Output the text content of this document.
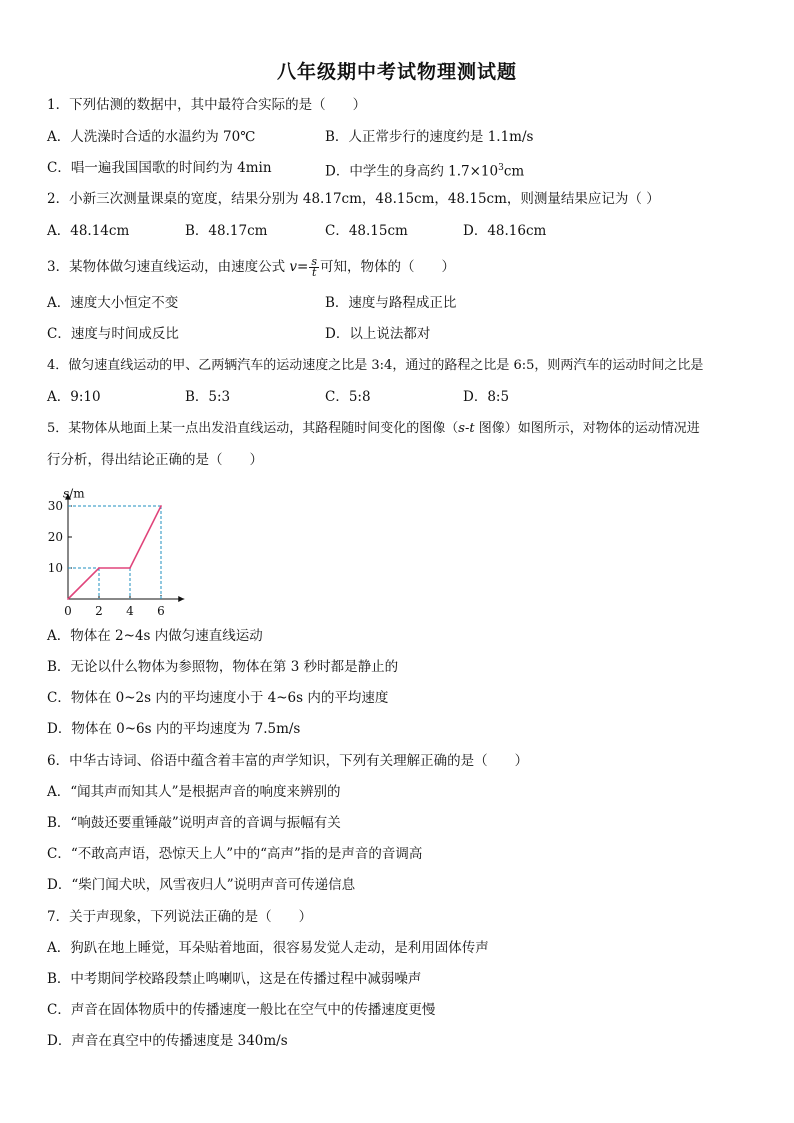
八年级期中考试物理测试题
1．下列估测的数据中，其中最符合实际的是（　　）
A．人洗澡时合适的水温约为 70℃	B．人正常步行的速度约是 1.1m/s
C．唱一遍我国国歌的时间约为 4min	D．中学生的身高约 $1.7\times 10^3cm$
2．小新三次测量课桌的宽度，结果分别为 48.17cm，48.15cm，48.15cm，则测量结果应记为（ ）
A．48.14cm	B．48.17cm	C．48.15cm	D．48.16cm
3．某物体做匀速直线运动，由速度公式 $v= \frac{s}{t}$ 可知，物体的（　　）
A．速度大小恒定不变	B．速度与路程成正比
C．速度与时间成反比	D．以上说法都对
4．做匀速直线运动的甲、乙两辆汽车的运动速度之比是 3:4，通过的路程之比是 6:5，则两汽车的运动时间之比是
A．9:10	B．5:3	C．5:8	D．8:5
5．某物体从地面上某一点出发沿直线运动，其路程随时间变化的图像（s-t 图像）如图所示，对物体的运动情况进
行分析，得出结论正确的是（　　）
10
20
30
0 2 4 6
s/m
A．物体在 2~4s 内做匀速直线运动
B．无论以什么物体为参照物，物体在第 3 秒时都是静止的
C．物体在 0~2s 内的平均速度小于 4~6s 内的平均速度
D．物体在 0~6s 内的平均速度为 7.5m/s
6．中华古诗词、俗语中蕴含着丰富的声学知识，下列有关理解正确的是（　　）
A．“闻其声而知其人”是根据声音的响度来辨别的
B．“响鼓还要重锤敲”说明声音的音调与振幅有关
C．“不敢高声语，恐惊天上人”中的“高声”指的是声音的音调高
D．“柴门闻犬吠，风雪夜归人”说明声音可传递信息
7．关于声现象，下列说法正确的是（　　）
A．狗趴在地上睡觉，耳朵贴着地面，很容易发觉人走动，是利用固体传声
B．中考期间学校路段禁止鸣喇叭，这是在传播过程中减弱噪声
C．声音在固体物质中的传播速度一般比在空气中的传播速度更慢
D．声音在真空中的传播速度是 340m/s
